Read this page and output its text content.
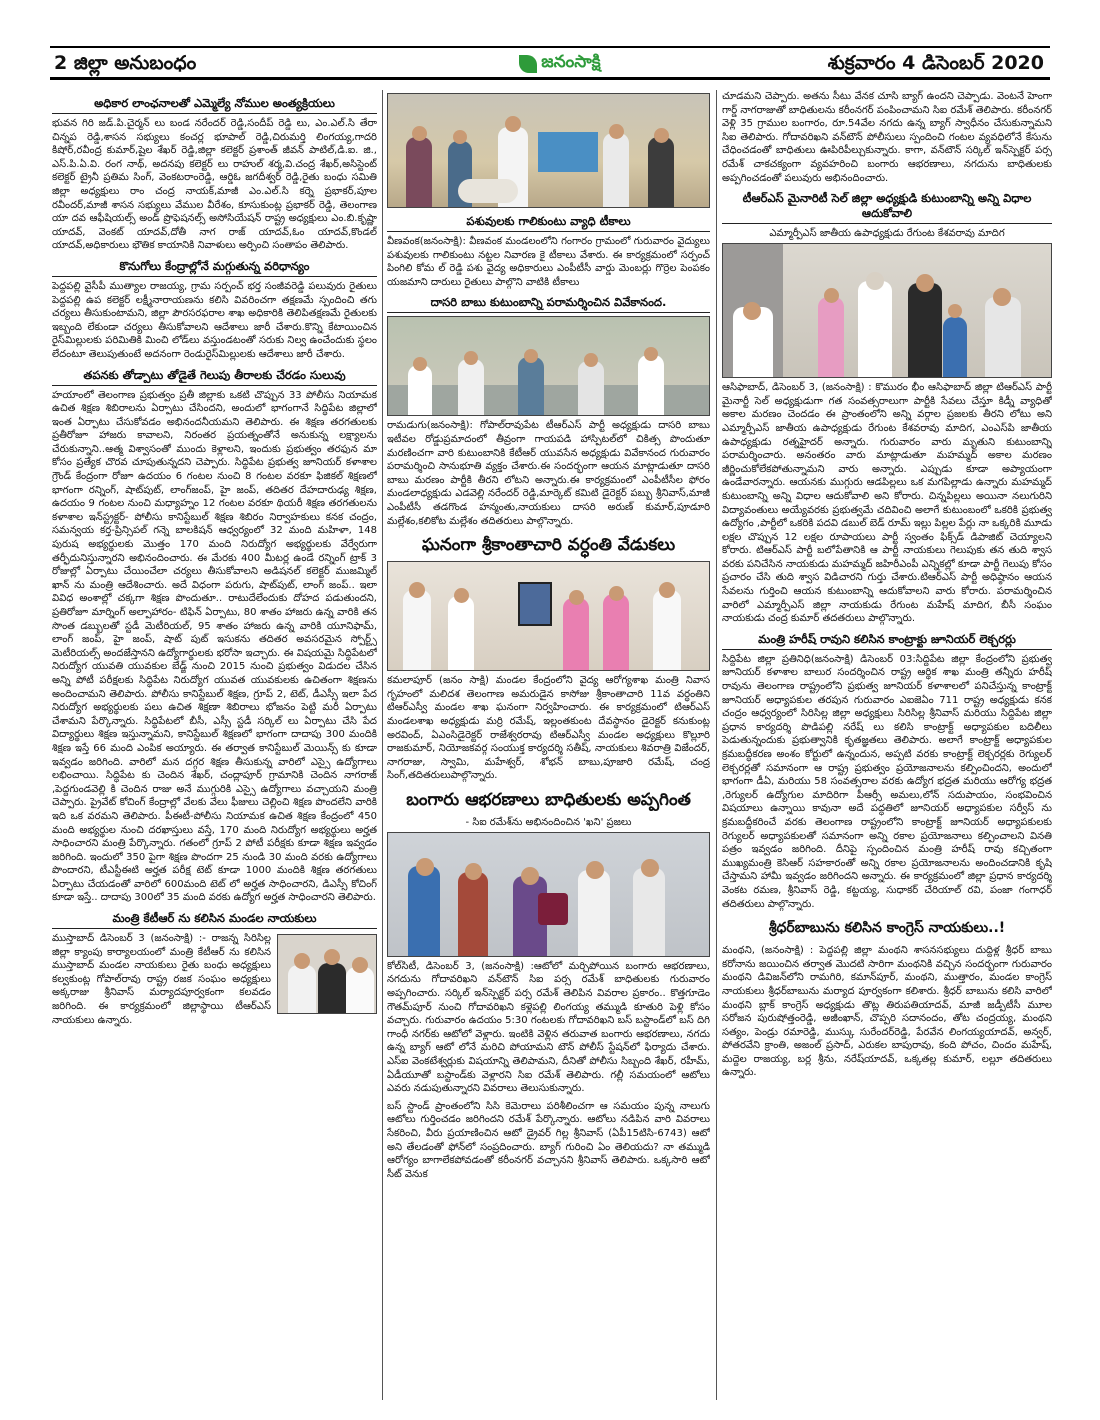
2 జిల్లా అనుబంధం	జనంసాక్షి	శుక్రవారం 4 డిసెంబర్ 2020
అధికార లాంఛనాలతో ఎమ్మెల్యే నోముల అంత్యక్రియలు
భువన గిరి జడ్.పి.చైర్మన్ లు బండ నరేందర్ రెడ్డి,సందీప్ రెడ్డి లు, ఎం.ఎల్.సి తేరా చిన్నప రెడ్డి,శాసన సభ్యులు కంచర్ల భూపాల్ రెడ్డి,చిరుమర్తి లింగయ్య,గాదరి కిషోర్,రవీంద్ర కుమార్,షైల శేఖర్ రెడ్డి,జిల్లా కలెక్టర్ ప్రశాంత్ జీవన్ పాటిల్,డి.ఐ. జి., ఎస్.పి.ఏ.వి. రంగ నాథ్, అదనపు కలెక్టర్ లు రాహుల్ శర్మ,వి.చంద్ర శేఖర్,అసిస్టెంట్ కలెక్టర్ ట్రైనీ ప్రతిమ సింగ్, వెంకటరాంరెడ్డి, ఆర్డిఓ జగదీశ్వర్ రెడ్డి,రైతు బంధు సమితి జిల్లా అధ్యక్షులు రాం చంద్ర నాయక్,మాజీ ఎం.ఎల్.సి కర్నె ప్రభాకర్,పూల రవీందర్,మాజీ శాసన సభ్యులు వేముల వీరేశం, కూసుకుంట్ల ప్రభాకర్ రెడ్డి, తెలంగాణ యా దవ ఆఫీషియల్స్ అండ్ ప్రొఫెషనల్స్ అసోసియేషన్ రాష్ట్ర అధ్యక్షులు ఎం.బి.కృష్ణా యాదవ్, వెంకట్ యాదవ్,దోతీ నాగ రాజ్ యాదవ్,ఓం యాదవ్,కొండల్ యాదవ్,అధికారులు భౌతిక కాయానికి నివాళులు అర్పించి సంతాపం తెలిపారు.
కొనుగోలు కేంద్రాల్లోనే మగ్గుతున్న వరిధాన్యం
పెద్దపల్లి వైసీపీ ముత్యాల రాజయ్య, గ్రామ సర్పంచ్ భర్త సంజీవరెడ్డి పలువురు రైతులు పెద్దపల్లి ఉప కలెక్టర్ లక్ష్మీనారాయణను కలిసి వివరించగా తక్షణమే స్పందించి తగు చర్యలు తీసుకుంటామని, జిల్లా పౌరసరఫరాల శాఖ అధికారికి తెలిపితక్షణమే రైతులకు ఇబ్బంది లేకుండా చర్యలు తీసుకోవాలని ఆదేశాలు జారీ చేశారు.కొన్ని కేటాయించిన రైస్‌మిల్లులకు పరిమితికి మించి లోడ్‌లు వస్తుండటంతో సరుకు నిల్వ ఉంచేందుకు స్థలం లేదంటూ తెలుపుతుంటే అదనంగా రెండురైస్‌మిల్లులకు ఆదేశాలు జారీ చేశారు.
తపనకు తోడ్పాటు తోడైతే గెలుపు తీరాలకు చేరడం సులువు
హయాంలో తెలంగాణ ప్రభుత్వం ప్రతీ జిల్లాకు ఒకటి చొప్పున 33 పోలీసు నియామక ఉచిత శిక్షణ శిబిరాలను ఏర్పాటు చేసిందని, అందులో భాగంగానే సిద్ధిపేట జిల్లాలో ఇంత ఏర్పాటు చేసుకోవడం అభినందనీయమని తెలిపారు. ఈ శిక్షణ తరగతులకు ప్రతీరోజూ హాజరు కావాలని, నిరంతర ప్రయత్నంతోనే అనుకున్న లక్ష్యాలను చేరుకున్నాని..ఆత్మ విశ్వాసంతో ముందు కెళ్లాలని, ఇందుకు ప్రభుత్వం తరఫున మా కోసం ప్రత్యేక చొరవ చూపుతున్నదని చెప్పారు. సిద్ధిపేట ప్రభుత్వ జూనియర్ కళాశాల గ్రౌండ్ కేంద్రంగా రోజూ ఉదయం 6 గంటల నుంచి 8 గంటల వరకూ ఫిజికల్ శిక్షణలో భాగంగా రన్నింగ్, షాట్‌పుట్, లాంగ్‌జంప్, హై జంప్, తదితర దేహదారుఢ్య శిక్షణ, ఉదయం 9 గంటల నుంచి మధ్యాహ్నం 12 గంటల వరకూ థియరీ శిక్షణ తరగతులను కళాశాల ఇన్‌స్ట్రక్టర్- పోలీసు కానిస్టేబుల్ శిక్షణ శిబిరం నిర్వాహకులు కనక చంద్రం, సమన్వయ కర్త-ప్రిన్సిపల్ గన్నె బాలకిషన్ ఆధ్వర్యంలో 32 మంది మహిళా, 148 పురుష అభ్యర్థులకు మొత్తం 170 మంది నిరుద్యోగ అభ్యర్థులకు వేర్వేరుగా తర్ఫీదునిస్తున్నారని అభినందించారు. ఈ మేరకు 400 మీటర్ల ఉండే రన్నింగ్ ట్రాక్ 3 రోజుల్లో ఏర్పాటు చేయించేలా చర్యలు తీసుకోవాలని అడిషనల్ కలెక్టర్ ముజమ్మిల్ ఖాన్ ను మంత్రి ఆదేశించారు. అదే విధంగా పరుగు, షాట్‌పుట్, లాంగ్ జంప్.. ఇలా వివిధ అంశాల్లో చక్కగా శిక్షణ పొందుతూ.. రాటుదేలేందుకు దోహద పడుతుందని, ప్రతిరోజూ మార్నింగ్ అల్పాహారం- టిఫిన్ ఏర్పాటు, 80 శాతం హాజరు ఉన్న వారికి తన సొంత డబ్బులతో స్టడీ మెటీరియల్, 95 శాతం హాజరు ఉన్న వారికి యూనిఫామ్, లాంగ్ జంప్, హై జంప్, షాట్ పుట్ ఇసుకను తదితర అవసరమైన స్పోర్ట్స్ మెటీరియల్స్ అందజేస్తానని ఉద్యోగార్థులకు భరోసా ఇచ్చారు. ఈ విషయమై సిద్ధిపేటలో నిరుద్యోగ యువతి యువకుల బేడ్జ్ నుంచి 2015 నుంచి ప్రభుత్వం విడుదల చేసిన అన్ని పోటీ పరీక్షలకు సిద్ధిపేట నిరుద్యోగ యువత యువకులకు ఉచితంగా శిక్షణను అందించామని తెలిపారు. పోలీసు కానిస్టేబుల్ శిక్షణ, గ్రూప్ 2, టెట్, డీఎస్సీ ఇలా పేద నిరుద్యోగ అభ్యర్థులకు పలు ఉచిత శిక్షణా శిబిరాలు భోజనం పెట్టి మరీ ఏర్పాటు చేశామని పేర్కొన్నారు. సిద్ధిపేటలో బీసీ, ఎస్సీ స్టడీ సర్కిల్ లు ఏర్పాటు చేసి పేద విద్యార్థులు శిక్షణ ఇస్తున్నామని, కానిస్టేబుల్ శిక్షణలో భాగంగా దాదాపు 300 మందికి శిక్షణ ఇస్తే 66 మంది ఎంపిక అయ్యారు. ఈ తర్వాత కానిస్టేబుల్ మెయిన్స్ కు కూడా ఇవ్వడం జరిగింది. వారిలో మన దగ్గర శిక్షణ తీసుకున్న వారిలో ఎస్సై ఉద్యోగాలు లభించాయి. సిద్ధిపేట కు చెందిన శేఖర్, చంద్లాపూర్ గ్రామానికి చెందిన నాగరాజ్ ,పెద్దగుండవెల్లి కి చెందిన రాజు అనే ముగ్గురికి ఎస్సై ఉద్యోగాలు వచ్చాయని మంత్రి చెప్పారు. ప్రైవేట్ కోచింగ్ కేంద్రాల్లో వేలకు వేలు ఫీజులు చెల్లించి శిక్షణ పొందలేని వారికి ఇది ఒక వరమని తెలిపారు. పీఈటీ-పోలీసు నియామక ఉచిత శిక్షణ కేంద్రంలో 450 మంది అభ్యర్థుల నుంచి దరఖాస్తులు వస్తే, 170 మంది నిరుద్యోగ అభ్యర్థులు అర్హత సాధించారని మంత్రి పేర్కొన్నారు. గతంలో గ్రూప్ 2 పోటీ పరీక్షకు కూడా శిక్షణ ఇవ్వడం జరిగింది. ఇందులో 350 పైగా శిక్షణ పొందగా 25 నుండి 30 మంది వరకు ఉద్యోగాలు పొందారని, టీఎస్టీఈటి అర్హత పరీక్ష టెట్ కూడా 1000 మందికి శిక్షణ తరగతులు ఏర్పాటు చేయడంతో వారిలో 600మంది టెట్ లో అర్హత సాధించారని, డిఎస్సీ కోచింగ్ కూడా ఇస్తే.. దాదాపు 300లో 35 మంది వరకు ఉద్యోగ అర్హత సాధించారని తెలిపారు.
మంత్రి కేటీఆర్ ను కలిసిన మండల నాయకులు
ముస్తాబాద్ డిసెంబర్ 3 (జనంసాక్షి) :- రాజన్న సిరిసిల్ల జిల్లా క్యాంపు కార్యాలయంలో మంత్రి కేటీఆర్ ను కలిసిన ముస్తాబాద్ మండల నాయకులు రైతు బంధు అధ్యక్షులు కల్వకుంట్ల గోపాల్‌రావు రాష్ట్ర రజక సంఘం అధ్యక్షులు అక్కరాజు శ్రీనివాస్ మర్యాదపూర్వకంగా కలవడం జరిగింది. ఈ కార్యక్రమంలో జిల్లాస్థాయి టీఆర్ఎస్ నాయకులు ఉన్నారు.
పశువులకు గాలికుంటు వ్యాధి టీకాలు
వీణవంక(జనంసాక్షి): వీణవంక మండలంలోని గంగారం గ్రామంలో గురువారం వైద్యులు పశువులకు గాలికుంటు నట్టల నివారణ కై టీకాలు వేశారు. ఈ కార్యక్రమంలో సర్పంచ్ పింగిలి కోమ ల్ రెడ్డి పశు వైద్య అధికారులు ఎంపీటీసీ వార్డు మెంబర్లు గొర్రెల పెంపకం యజమాని దారులు రైతులు పాల్గొని వాటికి టీకాలు
దాసరి బాబు కుటుంబాన్ని పరామర్శించిన వివేకానంద.
రామడుగు(జనంసాక్షి): గోపాల్‌రావుపేట టీఆర్ఎస్ పార్టీ అధ్యక్షుడు దాసరి బాబు ఇటీవల రోడ్డుప్రమాదంలో తీవ్రంగా గాయపడి హాస్పిటల్‌లో చికిత్స పొందుతూ మరణించగా వారి కుటుంబానికి కేటీఆర్ యువసేన అధ్యక్షుడు వివేకానంద గురువారం పరామర్శించి సానుభూతి వ్యక్తం చేశారు.ఈ సందర్భంగా ఆయన మాట్లాడుతూ దాసరి బాబు మరణం పార్టీకి తీరని లోటని అన్నారు.ఈ కార్యక్రమంలో ఎంపీటీసీల ఫోరం మండలాధ్యక్షుడు ఎడవెల్లి నరేందర్ రెడ్డి,మార్కెట్ కమిటి డైరెక్టర్ పబ్బు శ్రీనివాస్,మాజీ ఎంపీటీసీ తడగొండ హన్మంతు,నాయకులు దాసరి అరుణ్ కుమార్,పూడూరి మల్లేశం,కలికోట మల్లేశం తదితరులు పాల్గొన్నారు.
ఘనంగా శ్రీకాంతాచారి వర్ధంతి వేడుకలు
కమలాపూర్ (జనం సాక్షి) మండల కేంద్రంలోని వైద్య ఆరోగ్యశాఖ మంత్రి నివాస గృహంలో మలిదశ తెలంగాణ అమరుడైన కాసోజు శ్రీకాంతాచారి 11వ వర్ధంతిని టిఆర్ఎస్వీ మండల శాఖ ఘనంగా నిర్వహించారు. ఈ కార్యక్రమంలో టిఆర్ఎస్ మండలశాఖ అధ్యక్షుడు మర్రి రమేష్, ఇల్లంతకుంట దేవస్థానం డైరెక్టర్ కనుకుంట్ల అరవింద్, ఏఎంసిడైరెక్టర్ రాజేశ్వరరావు టిఆర్ఎస్వీ మండల అధ్యక్షులు కొల్లూరి రాజకుమార్, నియోజకవర్గ సంయుక్త కార్యదర్శి సతీష్, నాయకులు శివరాత్రి విజేందర్, నాగరాజు, స్వామి, మహేశ్వర్, శోభన్ బాబు,పూజారి రమేష్, చంద్ర సింగ్,తదితరులుపాల్గొన్నారు.
బంగారు ఆభరణాలు బాధితులకు అప్పగింత
- సిఐ రమేశ్‌ను అభినందించిన 'ఖని' ప్రజలు
కోల్‌సిటీ, డిసెంబర్ 3, (జనంసాక్షి) :ఆటోలో మర్చిపోయిన బంగారు ఆభరణాలు, నగదును గోదావరిఖని వన్‌టౌన్ సిఐ పర్స రమేశ్ బాధితులకు గురువారం అప్పగించారు. సర్కిల్ ఇన్‌స్పెక్టర్ పర్స రమేశ్ తెలిపిన వివరాల ప్రకారం.. కొత్తగూడెం గౌతమ్‌పూర్ నుంచి గోదావరిఖని కళ్లెపల్లి లింగయ్య తమ్ముడి కూతురి పెళ్లి కోసం వచ్చారు. గురువారం ఉదయం 5:30 గంటలకు గోదావరిఖని బస్ బస్టాండ్‌లో బస్ దిగి గాంధీ నగర్‌కు ఆటోలో వెళ్లారు. ఇంటికి వెళ్లిన తరువాత బంగారు ఆభరణాలు, నగదు ఉన్న బ్యాగ్ ఆటో లోనే మరిచి పోయామని టౌన్ పోలీస్ స్టేషన్‌లో ఫిర్యాదు చేశారు. ఎస్‌ఐ వెంకటేశ్వర్లుకు విషయాన్ని తెలిపామని, దీనితో పోలీసు సిబ్బంది శేఖర్, రహీమ్, ఏడీయూతో బస్టాండ్‌కు వెళ్లారని సిఐ రమేశ్ తెలిపారు. గల్లీ సమయంలో ఆటోలు ఎవరు నడుపుతున్నారని వివరాలు తెలుసుకున్నారు.
బస్ స్టాండ్ ప్రాంతంలోని సిసి కెమెరాలు పరిశీలించగా ఆ సమయం పున్న నాలుగు ఆటోలు గుర్తించడం జరిగిందని రమేశ్ పేర్కొన్నారు. ఆటోలు నడిపిన వారి వివరాలు సేకరించి, వీరు ప్రయాణించిన ఆటో డ్రైవర్ గిల్ల శ్రీనివాస్ (ఏపీ15టిసి-6743) ఆటో అని తేలడంతో ఫోన్‌లో సంప్రదించారు. బ్యాగ్ గురించి ఏం తెలియదు? నా తమ్ముడి ఆరోగ్యం బాగాలేకపోవడంతో కరీంనగర్ వచ్చానని శ్రీనివాస్ తెలిపారు. ఒక్కసారి ఆటో సీట్ వెనుక
చూడమని చెప్పారు. అతను సీటు వేనక చూసి బ్యాగ్ ఉందని చెప్పాడు. వెంటనే హెంగా గార్డ్ నాగరాజుతో బాధితులను కరీంనగర్ పంపించామని సిఐ రమేశ్ తెలిపారు. కరీంనగర్ వెళ్లి 35 గ్రాముల బంగారం, రూ.54వేల నగదు ఉన్న బ్యాగ్ స్వాధీనం చేసుకున్నామని సిఐ తెలిపారు. గోదావరిఖని వన్‌టౌన్ పోలీసులు స్పందించి గంటల వ్యవధిలోనే కేసును చేధించడంతో బాధితులు ఊపిరిపీల్చుకున్నారు. కాగా, వన్‌టౌన్ సర్కిల్ ఇన్‌స్పెక్టర్ పర్స రమేశ్ చాకచక్యంగా వ్యవహరించి బంగారు ఆభరణాలు, నగదును బాధితులకు అప్పగించడంతో పలువురు అభినందించారు.
టీఆర్ఎస్ మైనారిటీ సెల్ జిల్లా అధ్యక్షుడి కుటుంబాన్ని అన్ని విధాల ఆదుకోవాలి
ఎమ్మార్పీఎస్ జాతీయ ఉపాధ్యక్షుడు రేగుంట కేశవరావు మాదిగ
ఆసిఫాబాద్, డిసెంబర్ 3, (జనంసాక్షి) : కొమురం భీం ఆసిఫాబాద్ జిల్లా టిఆర్ఎస్ పార్టీ మైనార్టీ సెల్ అధ్యక్షుడుగా గత సంవత్సరాలుగా పార్టీకి సేవలు చేస్తూ కిడ్నీ వ్యాధితో అకాల మరణం చెందడం ఈ ప్రాంతంలోని అన్ని వర్గాల ప్రజలకు తీరని లోటు అని ఎమ్మార్పీఎస్ జాతీయ ఉపాధ్యక్షుడు రేగుంట కేశవరావు మాదిగ, ఎంఎస్‌పి జాతీయ ఉపాధ్యక్షుడు రత్నహైదర్ అన్నారు. గురువారం వారు మృతుని కుటుంబాన్ని పరామర్శించారు. అనంతరం వారు మాట్లాడుతూ మహమ్మద్ అకాల మరణం జీర్ణించుకోలేకపోతున్నామని వారు అన్నారు. ఎప్పుడు కూడా అప్యాయంగా ఉండేవారన్నారు. ఆయనకు ముగ్గురు ఆడపిల్లలు ఒక మగపిల్లాడు ఉన్నారు మహమ్మద్ కుటుంబాన్ని అన్ని విధాల ఆదుకోవాలి అని కోరారు. చిన్నపిల్లలు అయినా నలుగురిని విద్యావంతులు అయ్యేవరకు ప్రభుత్వమే చదివించి అలాగే కుటుంబంలో ఒకరికి ప్రభుత్వ ఉద్యోగం ,పార్టీలో ఒకరికి పదవి డబుల్ బెడ్ రూమ్ ఇల్లు పిల్లల పేర్లు నా ఒక్కరికి మూడు లక్షల చొప్పున 12 లక్షల రూపాయలు పార్టీ స్వంతం ఫిక్స్‌డ్ డిపాజిట్ చెయ్యాలని కోరారు. టిఆర్ఎస్ పార్టీ బలోపేతానికి ఆ పార్టీ నాయకులు గెలుపుకు తన తుది శ్వాస వరకు పనిచేసిన నాయకుడు మహమ్మద్ జహిరీఎంపీ ఎన్నికల్లో కూడా పార్టీ గెలుపు కోసం ప్రచారం చేసి తుది శ్వాస విడిచారని గుర్తు చేశారు.టిఆర్ఎస్ పార్టీ అధిష్ఠానం ఆయన సేవలను గుర్తించి ఆయన కుటుంబాన్ని ఆదుకోవాలని వారు కోరారు. పరామర్శించిన వారిలో ఎమ్మార్పీఎస్ జిల్లా నాయకుడు రేగుంట మహేష్ మాదిగ, బీసీ సంఘం నాయకుడు చంద్ర కుమార్ తదతరులు పాల్గొన్నారు.
మంత్రి హరీష్ రావుని కలిసిన కాంట్రాక్టు జూనియర్ లెక్చరర్లు
సిద్దిపేట జిల్లా ప్రతినిధి(జనంసాక్షి) డిసెంబర్ 03:సిద్దిపేట జిల్లా కేంద్రంలోని ప్రభుత్వ జూనియర్ కళాశాల బాలుర సందర్శించిన రాష్ట్ర ఆర్థిక శాఖ మంత్రి తన్నీరు హరీష్ రావును తెలంగాణ రాష్ట్రంలోని ప్రభుత్వ జూనియర్ కళాశాలలో పనిచేస్తున్న కాంట్రాక్ట్ జూనియర్ అధ్యాపకుల తరపున గురువారం ఎఐజెఏం 711 రాష్ట్ర అధ్యక్షుడు కనక చంద్రం ఆధ్వర్యంలో సిరిసిల్ల జిల్లా అధ్యక్షులు సిరిసిల్ల శ్రీనివాస్ మరియు సిద్దిపేట జిల్లా ప్రధాన కార్యదర్శి పొడిపల్లి నరేష్ లు కలిసి కాంట్రాక్ట్ అధ్యాపకుల బదిలీలు పెడుతున్నందుకు ప్రభుత్వానికి కృతజ్ఞతలు తెలిపారు. అలాగే కాంట్రాక్ట్ అధ్యాపకుల క్రమబద్ధీకరణ అంశం కోర్టులో ఉన్నందున, అప్పటి వరకు కాంట్రాక్ట్ లెక్చరర్లకు రెగ్యులర్ లెక్చరర్లతో సమానంగా ఆ రాష్ట్ర ప్రభుత్వం ప్రయోజనాలను కల్పించిందని, అందులో భాగంగా డీఏ, మరియు 58 సంవత్సరాల వరకు ఉద్యోగ భద్రత మరియు ఆరోగ్య భద్రత ,రెగ్యులర్ ఉద్యోగుల మాదిరిగా పీఆర్సీ అమలు,లోన్ సదుపాయం, సంభవించిన విషయాలు ఉన్నాయి కావునా అదే పద్ధతిలో జూనియర్ అధ్యాపకుల సర్వీస్ ను క్రమబద్దీకరించే వరకు తెలంగాణ రాష్ట్రంలోని కాంట్రాక్ట్ జూనియర్ అధ్యాపకులకు రెగ్యులర్ అధ్యాపకులతో సమానంగా అన్ని రకాల ప్రయోజనాలు కల్పించాలని వినతి పత్రం ఇవ్వడం జరిగింది. దీనిపై స్పందించిన మంత్రి హరీష్ రావు కచ్చితంగా ముఖ్యమంత్రి కెసిఆర్ సహకారంతో అన్ని రకాల ప్రయోజనాలను అందించడానికి కృషి చేస్తామని హామీ ఇవ్వడం జరిగిందని అన్నారు. ఈ కార్యక్రమంలో జిల్లా ప్రధాన కార్యదర్శి వెంకట రమణ, శ్రీనివాస్ రెడ్డి, కట్టయ్య, సుధాకర్ చేరియాల్ రవి, పంజా గంగాధర్ తదితరులు పాల్గొన్నారు.
శ్రీధర్‌బాబును కలిసిన కాంగ్రెస్ నాయకులు..!
మంథని, (జనంసాక్షి) : పెద్దపల్లి జిల్లా మంథని శాసనసభ్యులు దుద్దిళ్ల శ్రీధర్ బాబు కరోనాను జయించిన తర్వాత మొదటి సారిగా మంథనికి వచ్చిన సందర్భంగా గురువారం మంథని డివిజన్‌లోని రామగిరి, కమాన్‌పూర్, మంథని, ముత్తారం, మండల కాంగ్రెస్ నాయకులు శ్రీధర్‌బాబును మర్యాద పూర్వకంగా కలిశారు. శ్రీధర్ బాబును కలిసి వారిలో మంథని బ్లాక్ కాంగ్రెస్ అధ్యక్షుడు తొట్ల తిరుపతియాదవ్, మాజీ జడ్పీటీసీ మూల సరోజన పురుషోత్తంరెడ్డి, అజీంఖాన్, చొప్పరి సదానందం, తోట చంద్రయ్య, మంథని సత్యం, పెండ్రు రమారెడ్డి, ముస్కు సురేందర్‌రెడ్డి, పేరవేన లింగయ్యయాదవ్, అన్వర్, పోతరవేని క్రాంతి, అజంల్ ప్రసాద్, ఎరుకల బాపురావు, కంది పోచం, చిందం మహేష్, మద్దెల రాజయ్య, బర్ల శ్రీను, నరేష్‌యాదవ్, ఒక్కతల్ల కుమార్, లల్లూ తదితరులు ఉన్నారు.
